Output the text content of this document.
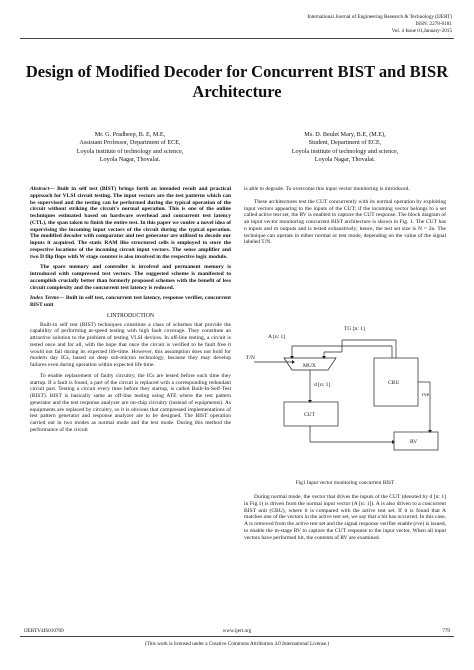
International Journal of Engineering Research & Technology (IJERT)
ISSN: 2278-0181
Vol. 4 Issue 01,January-2015
Design of Modified Decoder for Concurrent BIST and BISR Architecture
Mr. G. Pradheep, B. E, M.E,
Assistant Professor, Department of ECE,
Loyola institute of technology and science,
Loyola Nagar, Thovalai.
Ms. D. Beulet Mary, B.E, (M.E),
Student, Department of ECE,
Loyola institute of technology and science,
Loyola Nagar, Thovalai.

Abstract— Built in self test (BIST) brings forth an intended result and practical approach for VLSI circuit testing. The input vectors are the test patterns which can be supervised and the testing can be performed during the typical operation of the circuit without striking the circuit's normal operation. This is one of the online techniques estimated based on hardware overhead and concurrent test latency (CTL), the span taken to finish the entire test. In this paper we confer a novel idea of supervising the incoming input vectors of the circuit during the typical operation. The modified decoder with comparator and test generator are utilized to decode our inputs it acquired. The static RAM like structured cells is employed to store the respective locations of the incoming circuit input vectors. The sense amplifier and two D flip flops with W stage counter is also involved in the respective logic module.

The spare memory and controller is involved and permanent memory is introduced with compressed test vectors. The suggested scheme is manifested to accomplish crucially better than formerly proposed schemes with the benefit of less circuit complexity and the concurrent test latency is reduced.

Index Terms— Built in self test, concurrent test latency, response verifier, concurrent BIST unit

I.INTRODUCTION

Built-in self test (BIST) techniques constitute a class of schemes that provide the capability of performing at-speed testing with high fault coverage. They constitute an attractive solution to the problem of testing VLSI devices. In off-line testing, a circuit is tested once and for all, with the hope that once the circuit is verified to be fault free it would not fail during its expected life-time. However, this assumption does not hold for modern day ICs, based on deep sub-micron technology, because they may develop failures even during operation within expected life time.

To enable replacement of faulty circuitry, the ICs are tested before each time they startup. If a fault is found, a part of the circuit is replaced with a corresponding redundant circuit part. Testing a circuit every time before they startup, is called Built-In-Self-Test (BIST). BIST is basically same as off-line testing using ATE where the test pattern generator and the test response analyzer are on-chip circuitry (instead of equipments). As equipments are replaced by circuitry, so it is obvious that compressed implementations of test pattern generator and response analyzer are to be designed. The BIST operation carried out in two modes as normal mode and the test mode. During this method the performance of the circuit

is able to degrade. To overcome this input vector monitoring is introduced.

These architectures test the CUT concurrently with its normal operation by exploiting input vectors appearing to the inputs of the CUT; if the incoming vector belongs to a set called active test set, the RV is enabled to capture the CUT response. The block diagram of an input vector monitoring concurrent BIST architecture is shown in Fig. 1. The CUT has n inputs and m outputs and is tested exhaustively; hence, the test set size is N = 2n. The technique can operate in either normal or test mode, depending on the value of the signal labeled T/N.

A [n: 1]
TG [n: 1]
T/N
MUX
d [n: 1]	CBU
CUT
rve
RV
Fig1 Input vector monitoring concurrent BIST

During normal mode, the vector that drives the inputs of the CUT (denoted by d [n: 1] in Fig.1) is driven from the normal input vector (A [n: 1]). A is also driven to a concurrent BIST unit (CBU), where it is compared with the active test set. If it is found that A matches one of the vectors in the active test set, we say that a hit has occurred. In this case, A is removed from the active test set and the signal response verifier enable (rve) is issued, to enable the m-stage RV to capture the CUT response to the input vector. When all input vectors have performed hit, the contents of RV are examined.

IJERTV4IS010709	www.ijert.org	779
(This work is licensed under a Creative Commons Attribution 4.0 International License.)
